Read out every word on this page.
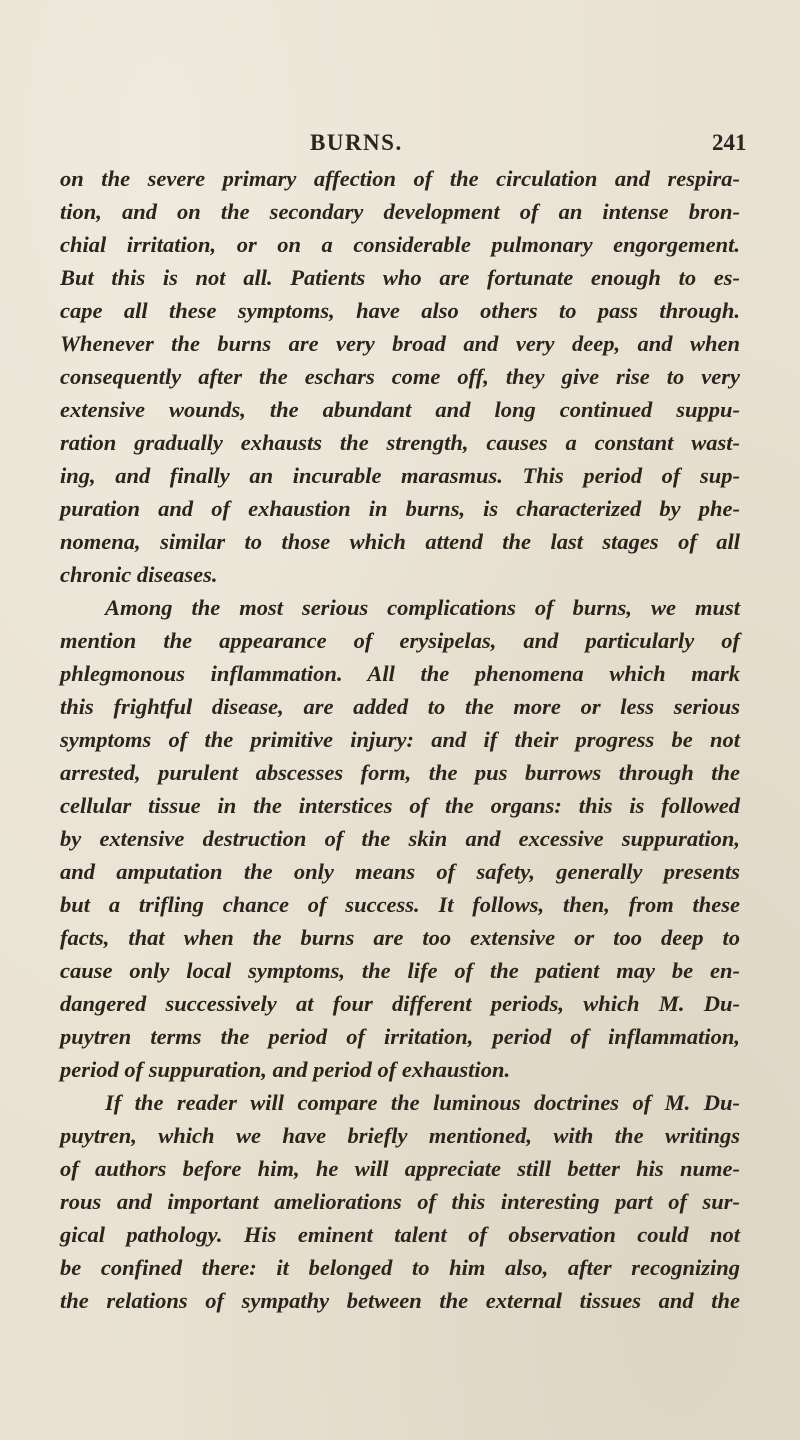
BURNS.	241
on the severe primary affection of the circulation and respira-
tion, and on the secondary development of an intense bron-
chial irritation, or on a considerable pulmonary engorgement.
But this is not all. Patients who are fortunate enough to es-
cape all these symptoms, have also others to pass through.
Whenever the burns are very broad and very deep, and when
consequently after the eschars come off, they give rise to very
extensive wounds, the abundant and long continued suppu-
ration gradually exhausts the strength, causes a constant wast-
ing, and finally an incurable marasmus. This period of sup-
puration and of exhaustion in burns, is characterized by phe-
nomena, similar to those which attend the last stages of all
chronic diseases.
Among the most serious complications of burns, we must
mention the appearance of erysipelas, and particularly of
phlegmonous inflammation. All the phenomena which mark
this frightful disease, are added to the more or less serious
symptoms of the primitive injury: and if their progress be not
arrested, purulent abscesses form, the pus burrows through the
cellular tissue in the interstices of the organs: this is followed
by extensive destruction of the skin and excessive suppuration,
and amputation the only means of safety, generally presents
but a trifling chance of success. It follows, then, from these
facts, that when the burns are too extensive or too deep to
cause only local symptoms, the life of the patient may be en-
dangered successively at four different periods, which M. Du-
puytren terms the period of irritation, period of inflammation,
period of suppuration, and period of exhaustion.
If the reader will compare the luminous doctrines of M. Du-
puytren, which we have briefly mentioned, with the writings
of authors before him, he will appreciate still better his nume-
rous and important ameliorations of this interesting part of sur-
gical pathology. His eminent talent of observation could not
be confined there: it belonged to him also, after recognizing
the relations of sympathy between the external tissues and the
